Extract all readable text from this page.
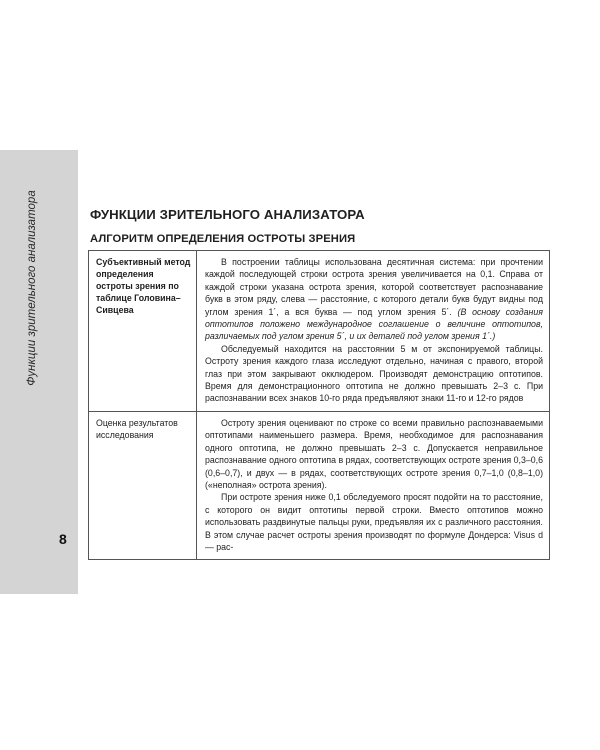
Функции зрительного анализатора
8
ФУНКЦИИ ЗРИТЕЛЬНОГО АНАЛИЗАТОРА
АЛГОРИТМ ОПРЕДЕЛЕНИЯ ОСТРОТЫ ЗРЕНИЯ
Субъективный метод определения остроты зрения по таблице Головина–Сивцева	В построении таблицы использована десятичная система: при прочтении каждой последующей строки острота зрения увеличивается на 0,1. Справа от каждой строки указана острота зрения, которой соответствует распознавание букв в этом ряду, слева — расстояние, с которого детали букв будут видны под углом зрения 1´, а вся буква — под углом зрения 5´. (В основу создания оптотипов положено международное соглашение о величине оптотипов, различаемых под углом зрения 5´, и их деталей под углом зрения 1´.)

Обследуемый находится на расстоянии 5 м от экспонируемой таблицы. Остроту зрения каждого глаза исследуют отдельно, начиная с правого, второй глаз при этом закрывают окклюдером. Производят демонстрацию оптотипов. Время для демонстрационного оптотипа не должно превышать 2–3 с. При распознавании всех знаков 10-го ряда предъявляют знаки 11-го и 12-го рядов

Оценка результатов исследования	Остроту зрения оценивают по строке со всеми правильно распознаваемыми оптотипами наименьшего размера. Время, необходимое для распознавания одного оптотипа, не должно превышать 2–3 с. Допускается неправильное распознавание одного оптотипа в рядах, соответствующих остроте зрения 0,3–0,6 (0,6–0,7), и двух — в рядах, соответствующих остроте зрения 0,7–1,0 (0,8–1,0) («неполная» острота зрения).

При остроте зрения ниже 0,1 обследуемого просят подойти на то расстояние, с которого он видит оптотипы первой строки. Вместо оптотипов можно использовать раздвинутые пальцы руки, предъявляя их с различного расстояния. В этом случае расчет остроты зрения производят по формуле Дондерса: Visus d — рас-
